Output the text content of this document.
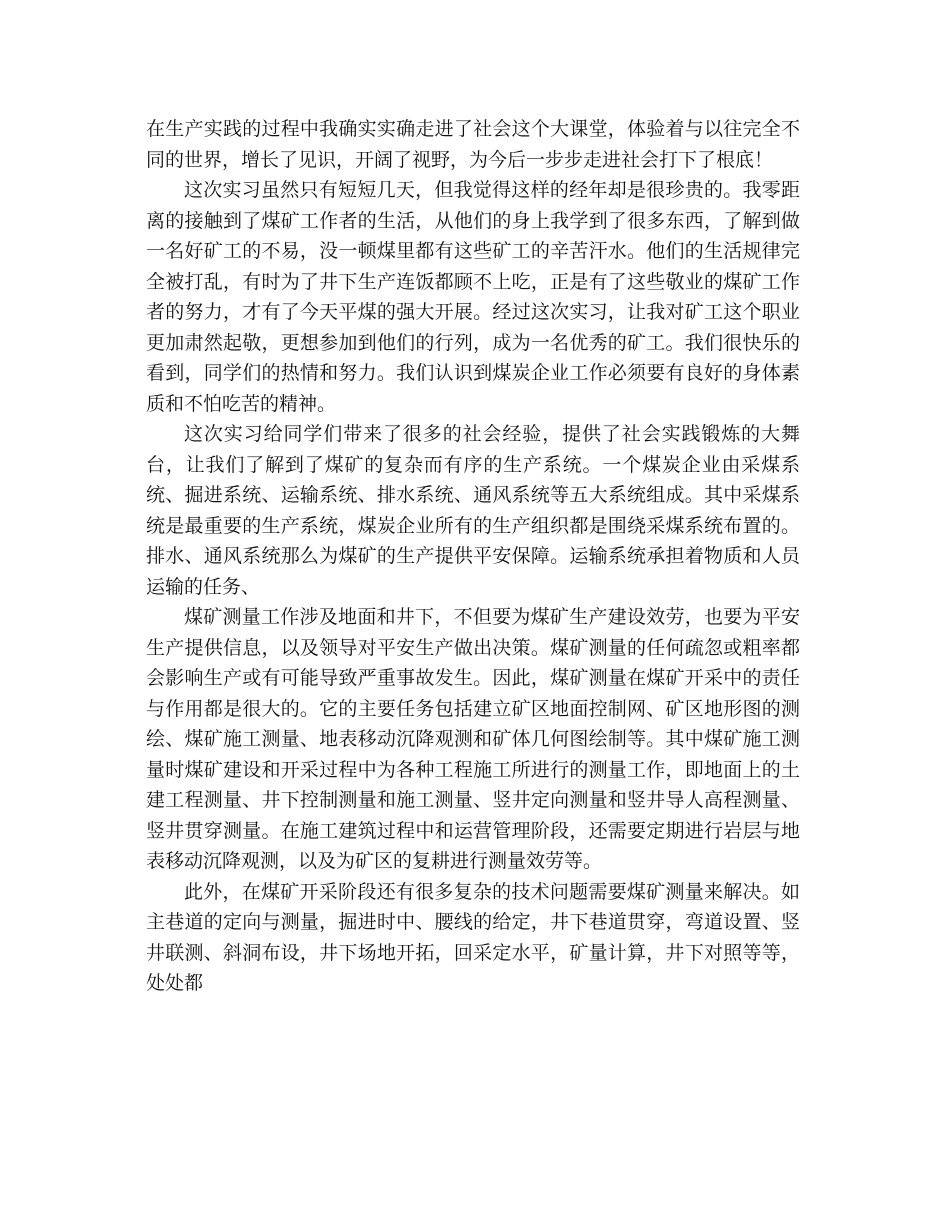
在生产实践的过程中我确实实确走进了社会这个大课堂，体验着与以往完全不同的世界，增长了见识，开阔了视野，为今后一步步走进社会打下了根底！

这次实习虽然只有短短几天，但我觉得这样的经年却是很珍贵的。我零距离的接触到了煤矿工作者的生活，从他们的身上我学到了很多东西，了解到做一名好矿工的不易，没一顿煤里都有这些矿工的辛苦汗水。他们的生活规律完全被打乱，有时为了井下生产连饭都顾不上吃，正是有了这些敬业的煤矿工作者的努力，才有了今天平煤的强大开展。经过这次实习，让我对矿工这个职业更加肃然起敬，更想参加到他们的行列，成为一名优秀的矿工。我们很快乐的看到，同学们的热情和努力。我们认识到煤炭企业工作必须要有良好的身体素质和不怕吃苦的精神。

这次实习给同学们带来了很多的社会经验，提供了社会实践锻炼的大舞台，让我们了解到了煤矿的复杂而有序的生产系统。一个煤炭企业由采煤系统、掘进系统、运输系统、排水系统、通风系统等五大系统组成。其中采煤系统是最重要的生产系统，煤炭企业所有的生产组织都是围绕采煤系统布置的。排水、通风系统那么为煤矿的生产提供平安保障。运输系统承担着物质和人员运输的任务、

煤矿测量工作涉及地面和井下，不但要为煤矿生产建设效劳，也要为平安生产提供信息，以及领导对平安生产做出决策。煤矿测量的任何疏忽或粗率都会影响生产或有可能导致严重事故发生。因此，煤矿测量在煤矿开采中的责任与作用都是很大的。它的主要任务包括建立矿区地面控制网、矿区地形图的测绘、煤矿施工测量、地表移动沉降观测和矿体几何图绘制等。其中煤矿施工测量时煤矿建设和开采过程中为各种工程施工所进行的测量工作，即地面上的土建工程测量、井下控制测量和施工测量、竖井定向测量和竖井导人高程测量、竖井贯穿测量。在施工建筑过程中和运营管理阶段，还需要定期进行岩层与地表移动沉降观测，以及为矿区的复耕进行测量效劳等。

此外，在煤矿开采阶段还有很多复杂的技术问题需要煤矿测量来解决。如主巷道的定向与测量，掘进时中、腰线的给定，井下巷道贯穿，弯道设置、竖井联测、斜洞布设，井下场地开拓，回采定水平，矿量计算，井下对照等等，处处都
